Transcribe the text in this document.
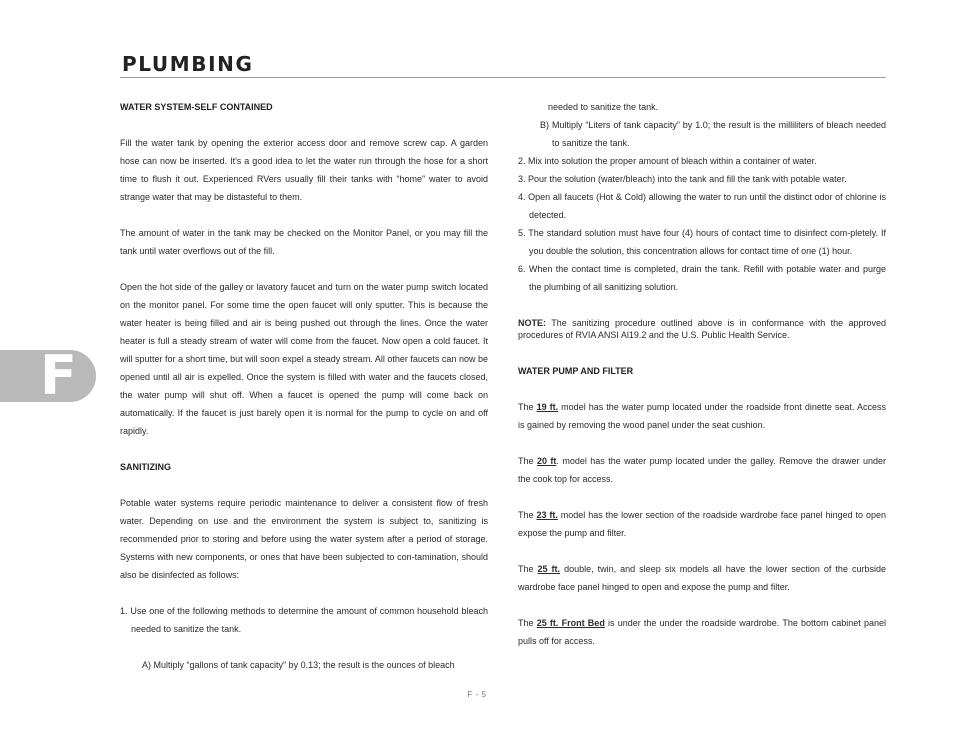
PLUMBING
F

WATER SYSTEM-SELF CONTAINED

Fill the water tank by opening the exterior access door and remove screw cap. A garden hose can now be inserted. It's a good idea to let the water run through the hose for a short time to flush it out. Experienced RVers usually fill their tanks with “home” water to avoid strange water that may be distasteful to them.

The amount of water in the tank may be checked on the Monitor Panel, or you may fill the tank until water overflows out of the fill.

Open the hot side of the galley or lavatory faucet and turn on the water pump switch located on the monitor panel. For some time the open faucet will only sputter. This is because the water heater is being filled and air is being pushed out through the lines. Once the water heater is full a steady stream of water will come from the faucet. Now open a cold faucet. It will sputter for a short time, but will soon expel a steady stream. All other faucets can now be opened until all air is expelled. Once the system is filled with water and the faucets closed, the water pump will shut off. When a faucet is opened the pump will come back on automatically. If the faucet is just barely open it is normal for the pump to cycle on and off rapidly.

SANITIZING

Potable water systems require periodic maintenance to deliver a consistent flow of fresh water. Depending on use and the environment the system is subject to, sanitizing is recommended prior to storing and before using the water system after a period of storage. Systems with new components, or ones that have been subjected to con-tamination, should also be disinfected as follows:

1. Use one of the following methods to determine the amount of common household bleach needed to sanitize the tank.

A) Multiply “gallons of tank capacity” by 0.13; the result is the ounces of bleach

needed to sanitize the tank.

B) Multiply “Liters of tank capacity” by 1.0; the result is the milliliters of bleach needed to sanitize the tank.

2. Mix into solution the proper amount of bleach within a container of water.

3. Pour the solution (water/bleach) into the tank and fill the tank with potable water.

4. Open all faucets (Hot & Cold) allowing the water to run until the distinct odor of chlorine is detected.

5. The standard solution must have four (4) hours of contact time to disinfect com-pletely. If you double the solution, this concentration allows for contact time of one (1) hour.

6. When the contact time is completed, drain the tank. Refill with potable water and purge the plumbing of all sanitizing solution.

NOTE: The sanitizing procedure outlined above is in conformance with the approved procedures of RVIA ANSI Al19.2 and the U.S. Public Health Service.

WATER PUMP AND FILTER

The 19 ft. model has the water pump located under the roadside front dinette seat. Access is gained by removing the wood panel under the seat cushion.

The 20 ft. model has the water pump located under the galley. Remove the drawer under the cook top for access.

The 23 ft. model has the lower section of the roadside wardrobe face panel hinged to open expose the pump and filter.

The 25 ft. double, twin, and sleep six models all have the lower section of the curbside wardrobe face panel hinged to open and expose the pump and filter.

The 25 ft. Front Bed is under the under the roadside wardrobe. The bottom cabinet panel pulls off for access.

F - 5
